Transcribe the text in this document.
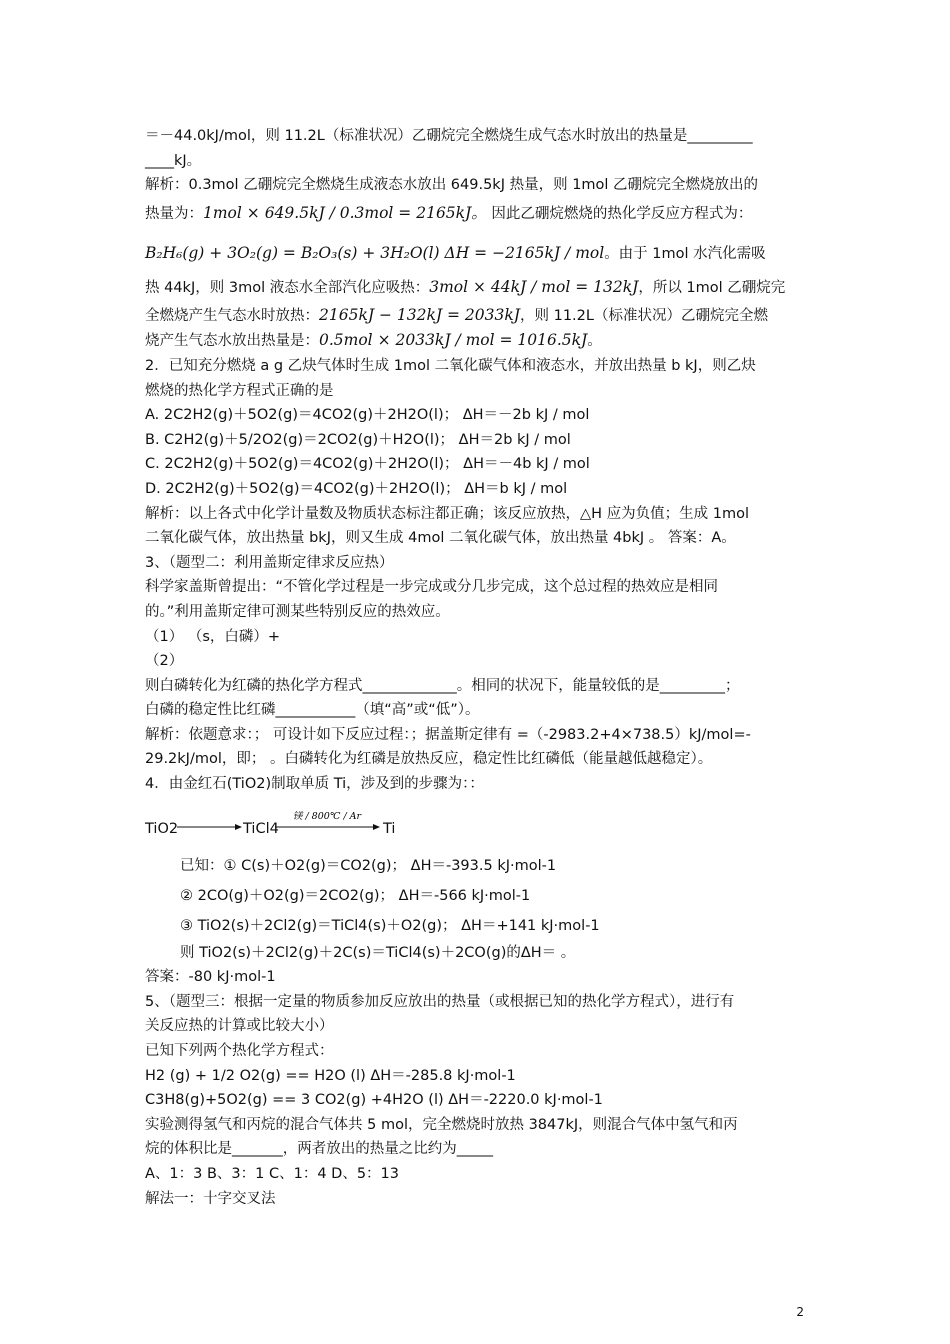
＝－44.0kJ/mol，则 11.2L（标准状况）乙硼烷完全燃烧生成气态水时放出的热量是_________
____kJ。
解析：0.3mol 乙硼烷完全燃烧生成液态水放出 649.5kJ 热量，则 1mol 乙硼烷完全燃烧放出的
热量为：1mol × 649.5kJ / 0.3mol = 2165kJ。 因此乙硼烷燃烧的热化学反应方程式为：
B₂H₆(g) + 3O₂(g) = B₂O₃(s) + 3H₂O(l) ΔH = −2165kJ / mol。由于 1mol 水汽化需吸
热 44kJ，则 3mol 液态水全部汽化应吸热：3mol × 44kJ / mol = 132kJ，所以 1mol 乙硼烷完
全燃烧产生气态水时放热：2165kJ − 132kJ = 2033kJ，则 11.2L（标准状况）乙硼烷完全燃
烧产生气态水放出热量是：0.5mol × 2033kJ / mol = 1016.5kJ。
2．已知充分燃烧 a g 乙炔气体时生成 1mol 二氧化碳气体和液态水，并放出热量 b kJ，则乙炔
燃烧的热化学方程式正确的是
A. 2C2H2(g)＋5O2(g)＝4CO2(g)＋2H2O(l)； ΔH＝－2b kJ / mol
B. C2H2(g)＋5/2O2(g)＝2CO2(g)＋H2O(l)； ΔH＝2b kJ / mol
C. 2C2H2(g)＋5O2(g)＝4CO2(g)＋2H2O(l)； ΔH＝－4b kJ / mol
D. 2C2H2(g)＋5O2(g)＝4CO2(g)＋2H2O(l)； ΔH＝b kJ / mol
解析：以上各式中化学计量数及物质状态标注都正确；该反应放热，△H 应为负值；生成 1mol
二氧化碳气体，放出热量 bkJ，则又生成 4mol 二氧化碳气体，放出热量 4bkJ 。 答案：A。
3、（题型二：利用盖斯定律求反应热）
科学家盖斯曾提出：“不管化学过程是一步完成或分几步完成，这个总过程的热效应是相同
的。”利用盖斯定律可测某些特别反应的热效应。
（1） （s，白磷）+
（2）
则白磷转化为红磷的热化学方程式_____________。相同的状况下，能量较低的是_________；
白磷的稳定性比红磷___________（填“高”或“低”）。
解析：依题意求：； 可设计如下反应过程：；据盖斯定律有 =（-2983.2+4×738.5）kJ/mol=-
29.2kJ/mol，即； 。白磷转化为红磷是放热反应，稳定性比红磷低（能量越低越稳定）。
4．由金红石(TiO2)制取单质 Ti，涉及到的步骤为：：
镁 / 800℃ / Ar
TiO2	TiCl4	Ti
已知：① C(s)＋O2(g)＝CO2(g)； ΔH＝-393.5 kJ·mol-1
② 2CO(g)＋O2(g)＝2CO2(g)； ΔH＝-566 kJ·mol-1
③ TiO2(s)＋2Cl2(g)＝TiCl4(s)＋O2(g)； ΔH＝+141 kJ·mol-1
则 TiO2(s)＋2Cl2(g)＋2C(s)＝TiCl4(s)＋2CO(g)的ΔH＝ 。
答案：-80 kJ·mol-1
5、（题型三：根据一定量的物质参加反应放出的热量（或根据已知的热化学方程式），进行有
关反应热的计算或比较大小）
已知下列两个热化学方程式：
H2 (g) + 1/2 O2(g) == H2O (l) ΔH＝-285.8 kJ·mol-1
C3H8(g)+5O2(g) == 3 CO2(g) +4H2O (l) ΔH＝-2220.0 kJ·mol-1
实验测得氢气和丙烷的混合气体共 5 mol，完全燃烧时放热 3847kJ，则混合气体中氢气和丙
烷的体积比是_______，两者放出的热量之比约为_____
A、1：3 B、3：1 C、1：4 D、5：13
解法一：十字交叉法
2
